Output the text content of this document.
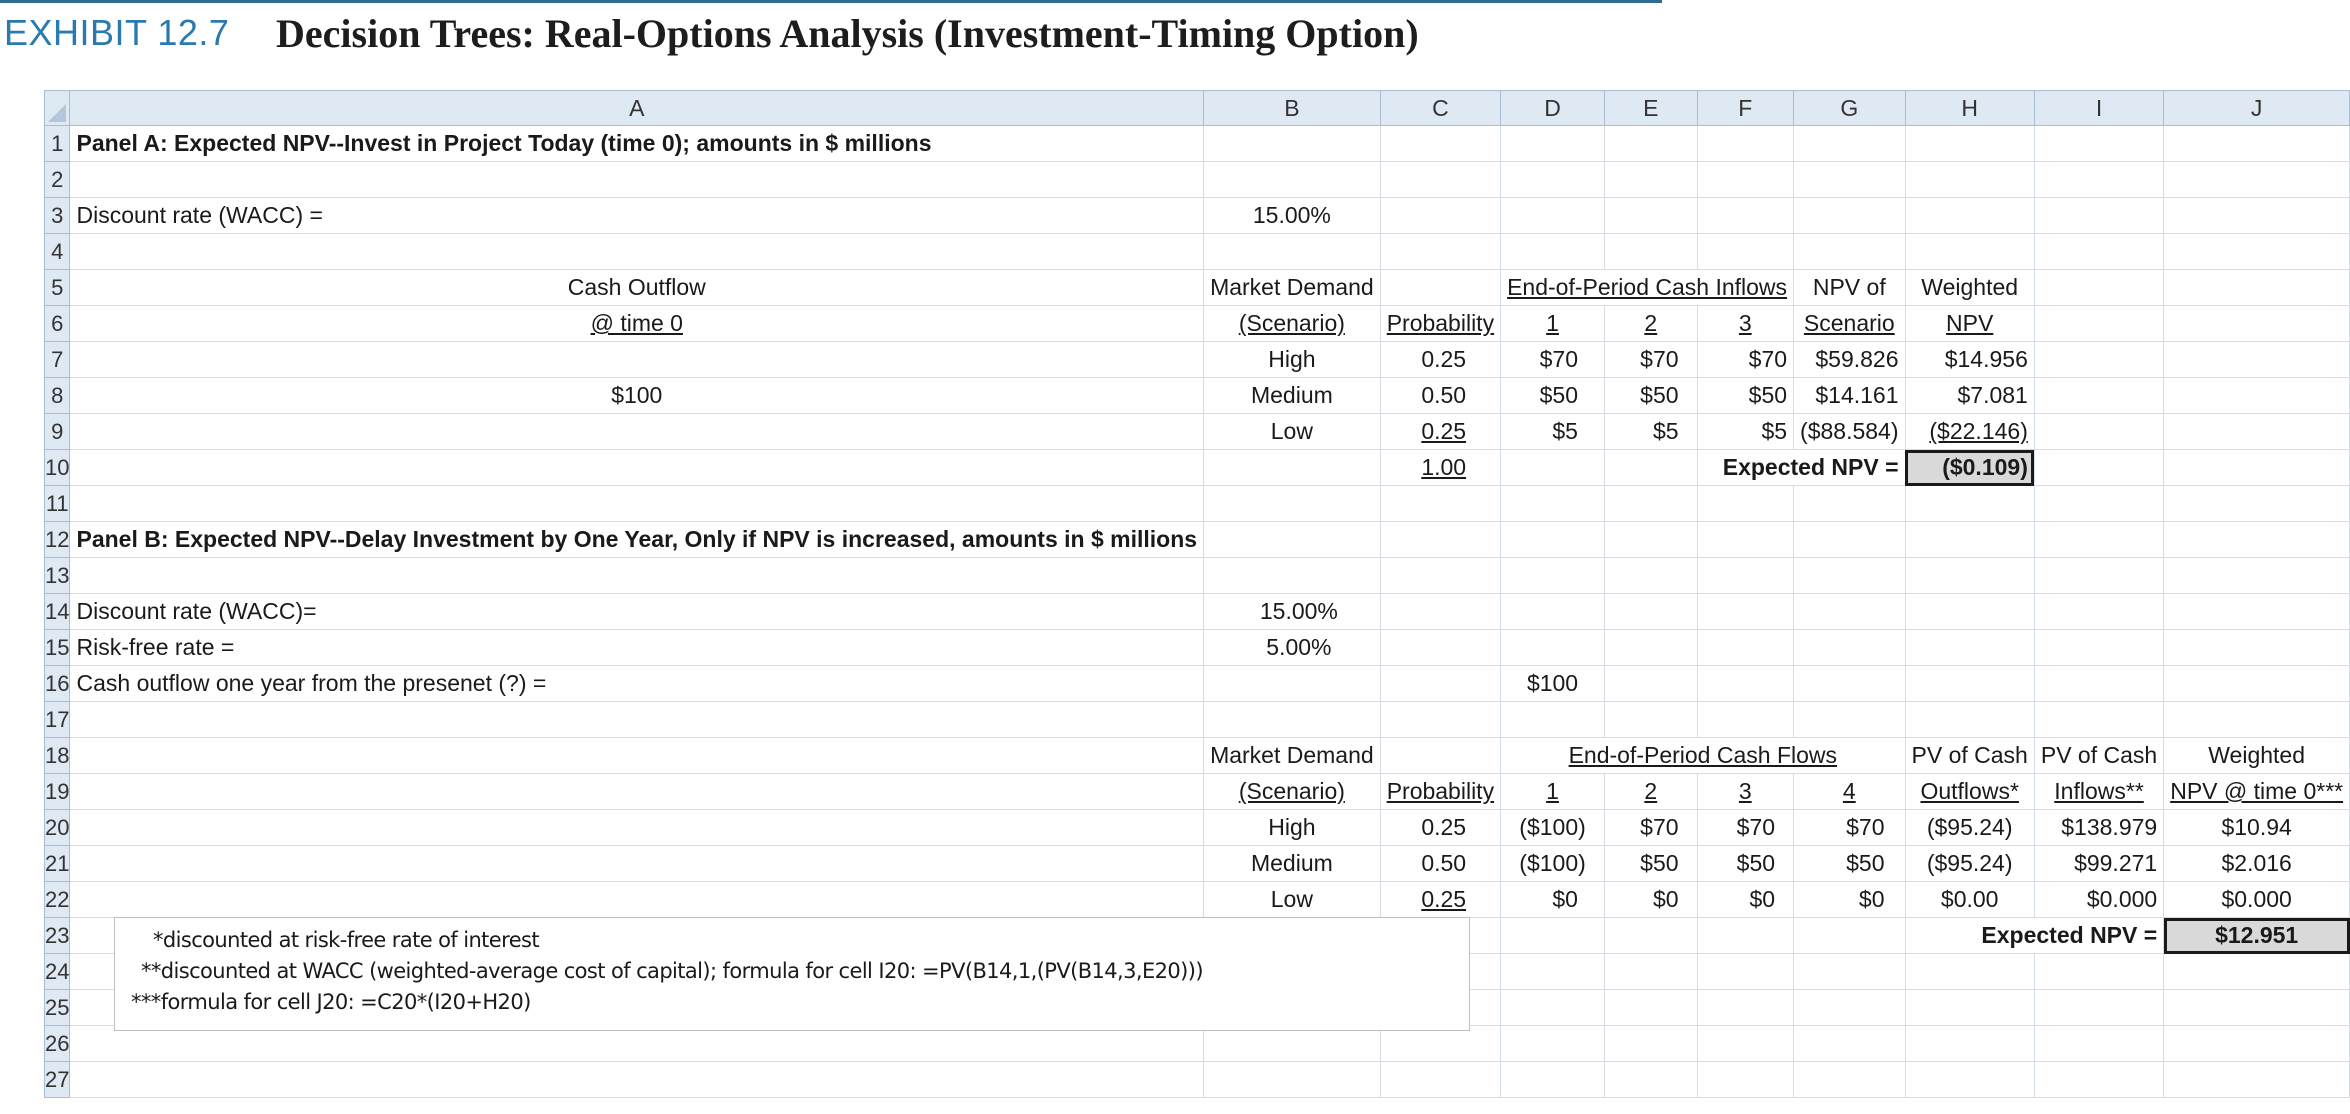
EXHIBIT 12.7 Decision Trees: Real-Options Analysis (Investment-Timing Option)
	A	B	C	D	E	F	G	H	I	J
1	Panel A: Expected NPV--Invest in Project Today (time 0); amounts in $ millions									
2										
3	Discount rate (WACC) =	15.00%								
4										
5	Cash Outflow	Market Demand		End-of-Period Cash Inflows			NPV of	Weighted		
6	@ time 0	(Scenario)	Probability	1	2	3	Scenario	NPV		
7		High	0.25	$70	$70	$70	$59.826	$14.956		
8	$100	Medium	0.50	$50	$50	$50	$14.161	$7.081		
9		Low	0.25	$5	$5	$5	($88.584)	($22.146)		
10			1.00			Expected NPV =		($0.109)		
11										
12	Panel B: Expected NPV--Delay Investment by One Year, Only if NPV is increased, amounts in $ millions									
13										
14	Discount rate (WACC)=	15.00%								
15	Risk-free rate =	5.00%								
16	Cash outflow one year from the presenet (?) =			$100						
17										
18		Market Demand		End-of-Period Cash Flows				PV of Cash	PV of Cash	Weighted
19		(Scenario)	Probability	1	2	3	4	Outflows*	Inflows**	NPV @ time 0***
20		High	0.25	($100)	$70	$70	$70	($95.24)	$138.979	$10.94
21		Medium	0.50	($100)	$50	$50	$50	($95.24)	$99.271	$2.016
22		Low	0.25	$0	$0	$0	$0	$0.00	$0.000	$0.000
23								Expected NPV =		$12.951
24										
25										
26										
27										
*discounted at risk-free rate of interest
**discounted at WACC (weighted-average cost of capital); formula for cell I20: =PV(B14,1,(PV(B14,3,E20)))
***formula for cell J20: =C20*(I20+H20)
